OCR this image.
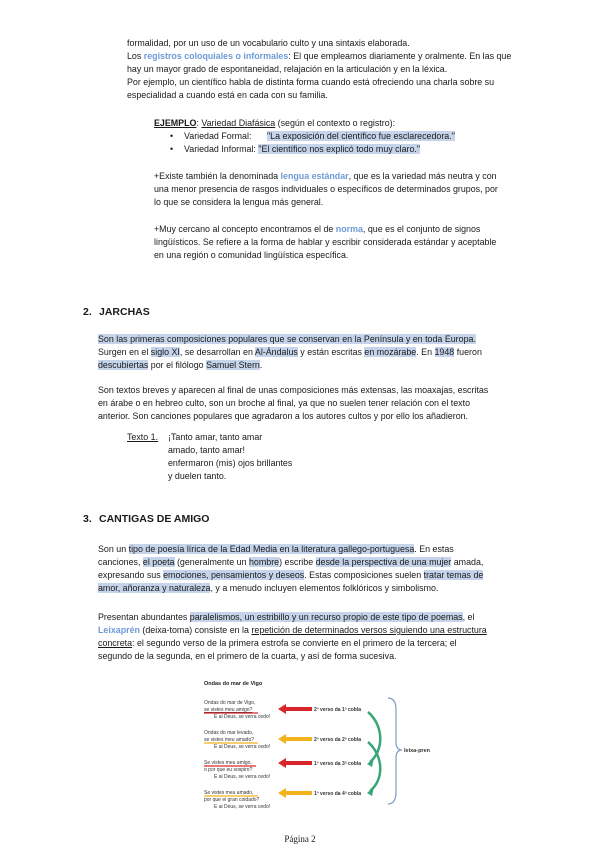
formalidad, por un uso de un vocabulario culto y una sintaxis elaborada.
Los registros coloquiales o informales: El que empleamos diariamente y oralmente. En las que
hay un mayor grado de espontaneidad, relajación en la articulación y en la léxica.
Por ejemplo, un científico habla de distinta forma cuando está ofreciendo una charla sobre su
especialidad a cuando está en cada con su familia.
EJEMPLO: Variedad Diafásica (según el contexto o registro):
• Variedad Formal: "La exposición del científico fue esclarecedora."
• Variedad Informal: "El científico nos explicó todo muy claro."
+Existe también la denominada lengua estándar, que es la variedad más neutra y con
una menor presencia de rasgos individuales o específicos de determinados grupos, por
lo que se considera la lengua más general.
+Muy cercano al concepto encontramos el de norma, que es el conjunto de signos
lingüísticos. Se refiere a la forma de hablar y escribir considerada estándar y aceptable
en una región o comunidad lingüística específica.
2. JARCHAS
Son las primeras composiciones populares que se conservan en la Península y en toda Europa.
Surgen en el siglo XI, se desarrollan en Al-Ándalus y están escritas en mozárabe. En 1948 fueron
descubiertas por el filólogo Samuel Stern.
Son textos breves y aparecen al final de unas composiciones más extensas, las moaxajas, escritas
en árabe o en hebreo culto, son un broche al final, ya que no suelen tener relación con el texto
anterior. Son canciones populares que agradaron a los autores cultos y por ello los añadieron.
Texto 1. ¡Tanto amar, tanto amar
amado, tanto amar!
enfermaron (mis) ojos brillantes
y duelen tanto.
3. CANTIGAS DE AMIGO
Son un tipo de poesía lírica de la Edad Media en la literatura gallego-portuguesa. En estas
canciones, el poeta (generalmente un hombre) escribe desde la perspectiva de una mujer amada,
expresando sus emociones, pensamientos y deseos. Estas composiciones suelen tratar temas de
amor, añoranza y naturaleza, y a menudo incluyen elementos folklóricos y simbolismo.
Presentan abundantes paralelismos, un estribillo y un recurso propio de este tipo de poemas, el
Leixaprén (deixa-toma) consiste en la repetición de determinados versos siguiendo una estructura
concreta: el segundo verso de la primera estrofa se convierte en el primero de la tercera; el
segundo de la segunda, en el primero de la cuarta, y así de forma sucesiva.
Ondas do mar de Vigo
Ondas do mar de Vigo,
se vistes meu amigo?
E ai Deus, se verra cedo!
Ondas do mar levado,
se vistes meu amado?
E ai Deus, se verra cedo!
Se vistes meu amigo,
o por que eu sospiro?
E ai Deus, se verra cedo!
Se vistes meu amado,
por que ei gran coidado?
E ai Deus, se verra cedo!
2º verso da 1ª cobla
2º verso da 2ª cobla
1º verso da 3ª cobla
1º verso da 4ª cobla
leixa-pren
Página 2
